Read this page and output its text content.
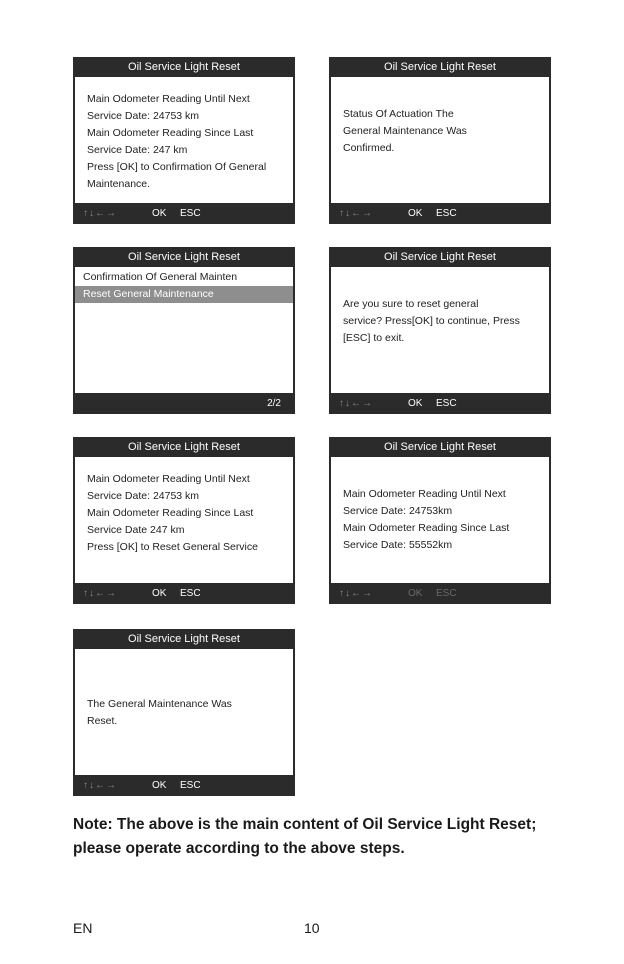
Oil Service Light Reset
Main Odometer Reading Until Next
Service Date: 24753 km
Main Odometer Reading Since Last
Service Date: 247 km
Press [OK] to Confirmation Of General
Maintenance.
↑↓←→	OK ESC
Oil Service Light Reset
Status Of Actuation The
General Maintenance Was
Confirmed.
↑↓←→	OK ESC
Oil Service Light Reset
Confirmation Of General Mainten
Reset General Maintenance
2/2
Oil Service Light Reset
Are you sure to reset general
service? Press[OK] to continue, Press
[ESC] to exit.
↑↓←→	OK ESC
Oil Service Light Reset
Main Odometer Reading Until Next
Service Date: 24753 km
Main Odometer Reading Since Last
Service Date 247 km
Press [OK] to Reset General Service
↑↓←→	OK ESC
Oil Service Light Reset
Main Odometer Reading Until Next
Service Date: 24753km
Main Odometer Reading Since Last
Service Date: 55552km
↑↓←→	OK ESC
Oil Service Light Reset
The General Maintenance Was
Reset.
↑↓←→	OK ESC
Note: The above is the main content of Oil Service Light Reset; please operate according to the above steps.
EN	10
